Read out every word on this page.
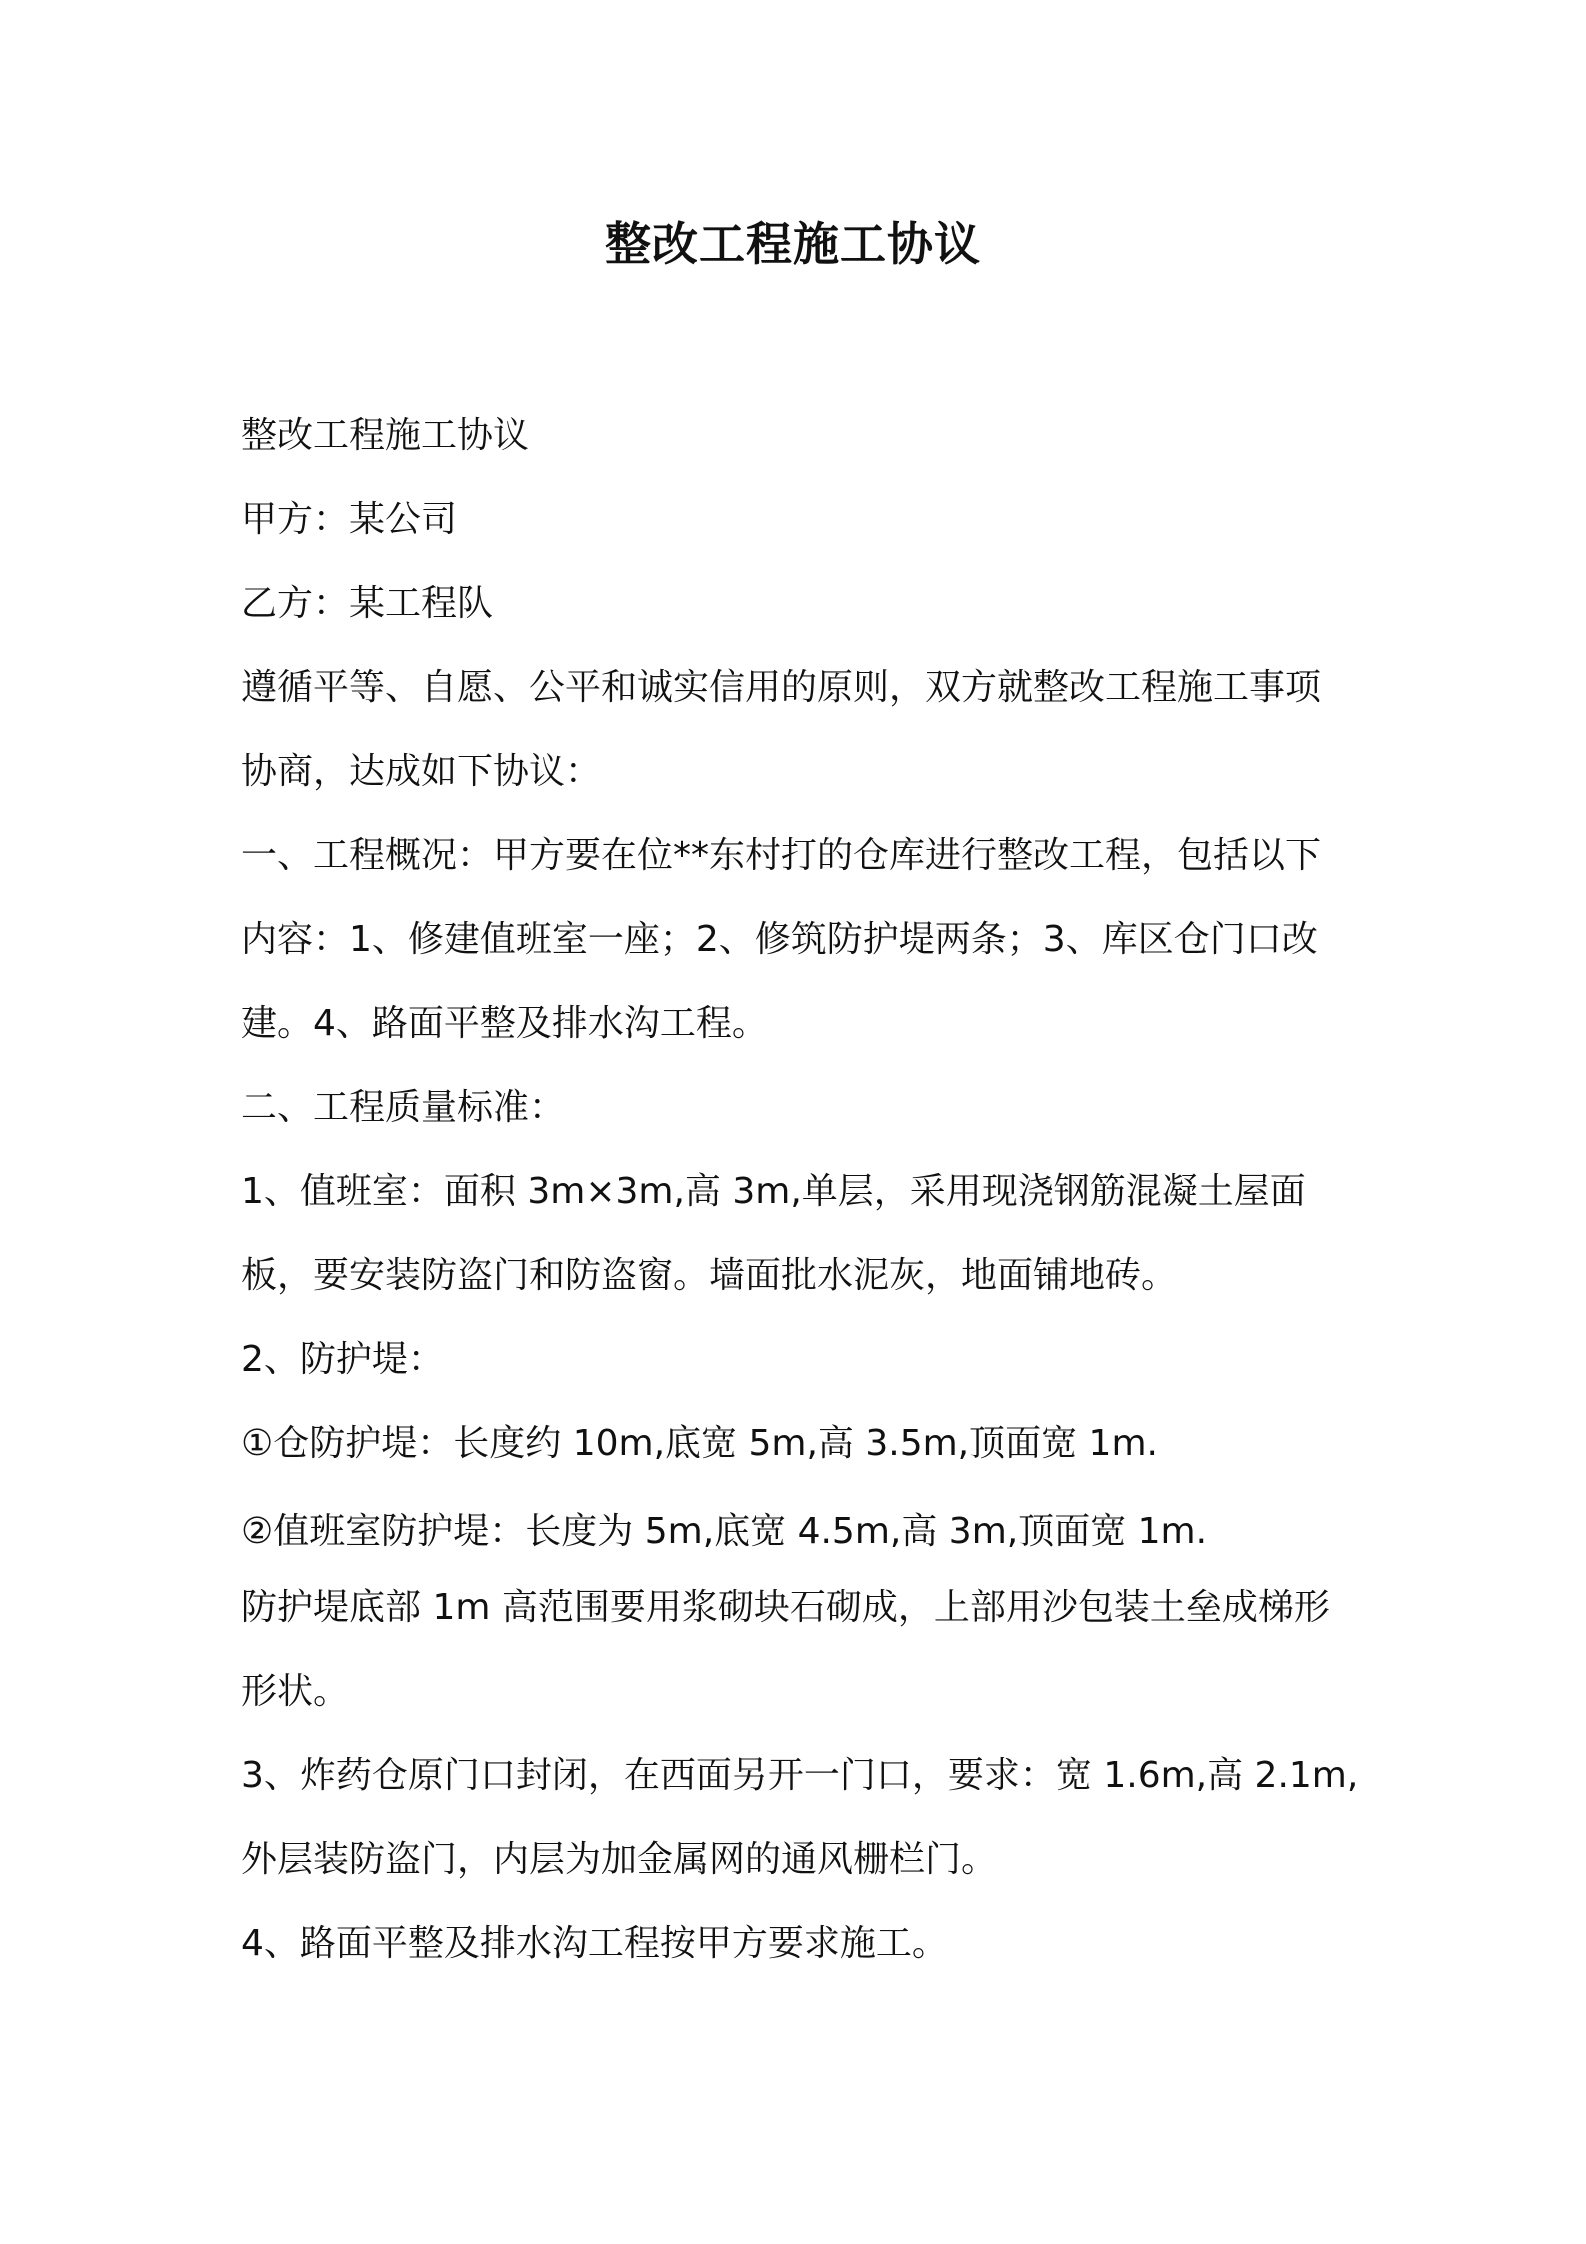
整改工程施工协议

整改工程施工协议

甲方：某公司

乙方：某工程队

遵循平等、自愿、公平和诚实信用的原则，双方就整改工程施工事项

协商，达成如下协议：

一、工程概况：甲方要在位**东村打的仓库进行整改工程，包括以下

内容：1、修建值班室一座；2、修筑防护堤两条；3、库区仓门口改

建。4、路面平整及排水沟工程。

二、工程质量标准：

1、值班室：面积 3m×3m,高 3m,单层，采用现浇钢筋混凝土屋面

板，要安装防盗门和防盗窗。墙面批水泥灰，地面铺地砖。

2、防护堤：

①仓防护堤：长度约 10m,底宽 5m,高 3.5m,顶面宽 1m.

②值班室防护堤：长度为 5m,底宽 4.5m,高 3m,顶面宽 1m.

防护堤底部 1m 高范围要用浆砌块石砌成，上部用沙包装土垒成梯形

形状。

3、炸药仓原门口封闭，在西面另开一门口，要求：宽 1.6m,高 2.1m,

外层装防盗门，内层为加金属网的通风栅栏门。

4、路面平整及排水沟工程按甲方要求施工。
